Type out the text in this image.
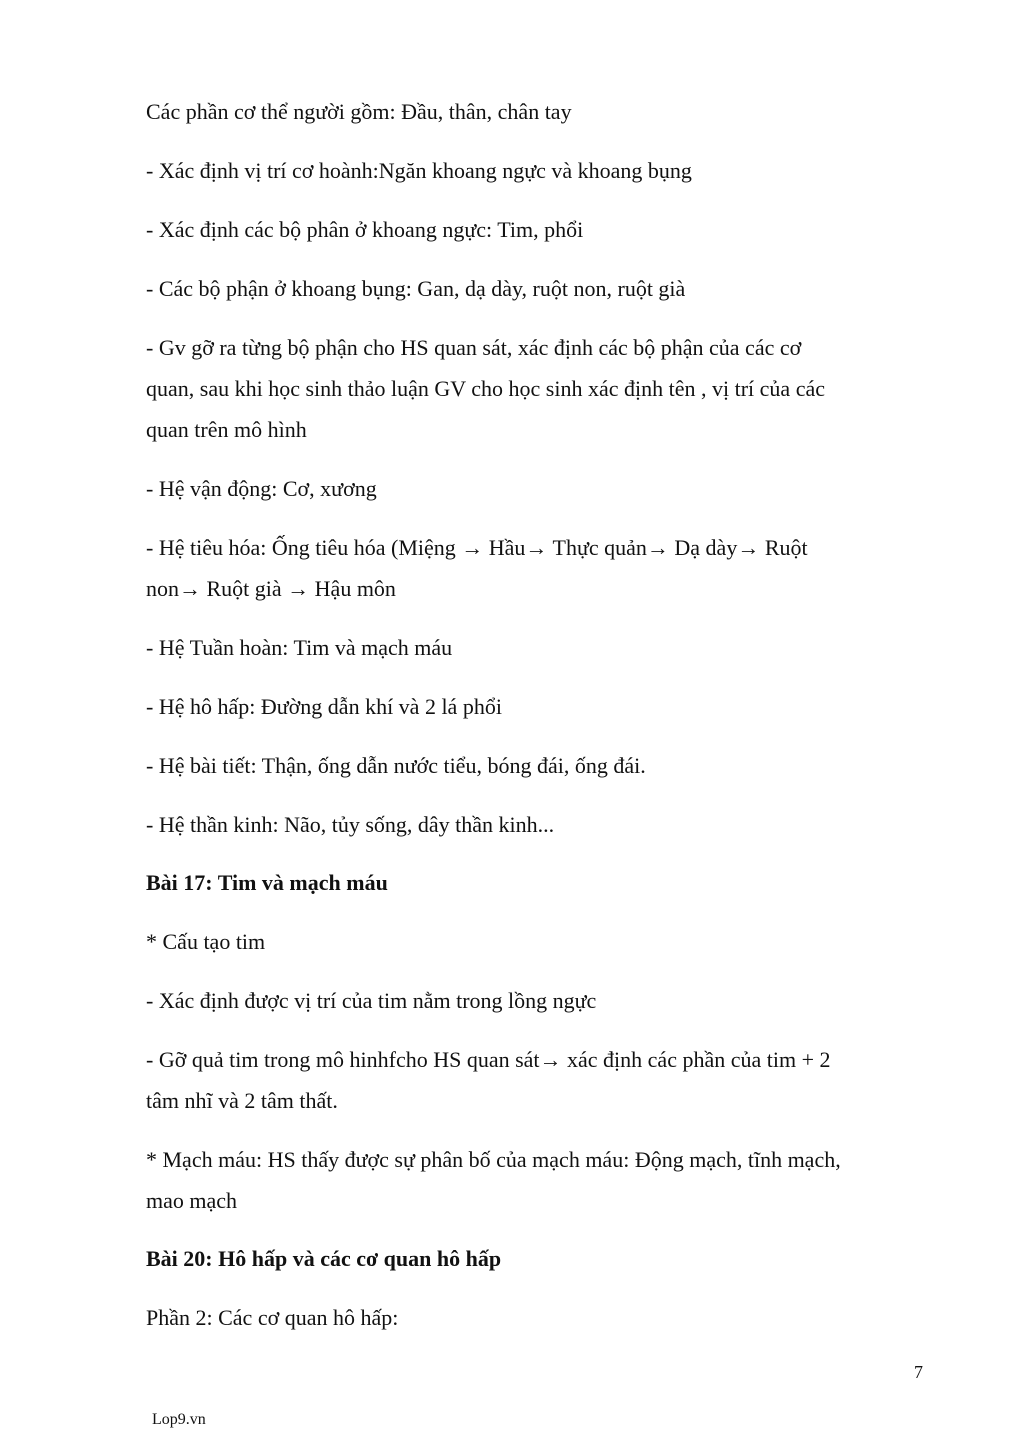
Các phần cơ thể người gồm: Đầu, thân, chân tay
- Xác định vị trí cơ hoành:Ngăn khoang ngực và khoang bụng
- Xác định các bộ phân ở khoang ngực: Tim, phổi
- Các bộ phận ở khoang bụng: Gan, dạ dày, ruột non, ruột già
- Gv gỡ ra từng bộ phận cho HS quan sát, xác định các bộ phận của các cơ
quan, sau khi học sinh thảo luận GV cho học sinh xác định tên , vị trí của các
quan trên mô hình
- Hệ vận động: Cơ, xương
- Hệ tiêu hóa: Ống tiêu hóa (Miệng → Hầu→ Thực quản→ Dạ dày→ Ruột
non→ Ruột già → Hậu môn
- Hệ Tuần hoàn: Tim và mạch máu
- Hệ hô hấp: Đường dẫn khí và 2 lá phổi
- Hệ bài tiết: Thận, ống dẫn nước tiểu, bóng đái, ống đái.
- Hệ thần kinh: Não, tủy sống, dây thần kinh...
Bài 17: Tim và mạch máu
* Cấu tạo tim
- Xác định được vị trí của tim nằm trong lồng ngực
- Gỡ quả tim trong mô hinhfcho HS quan sát→ xác định các phần của tim + 2
tâm nhĩ và 2 tâm thất.
* Mạch máu: HS thấy được sự phân bố của mạch máu: Động mạch, tĩnh mạch,
mao mạch
Bài 20: Hô hấp và các cơ quan hô hấp
Phần 2: Các cơ quan hô hấp:
7
Lop9.vn
